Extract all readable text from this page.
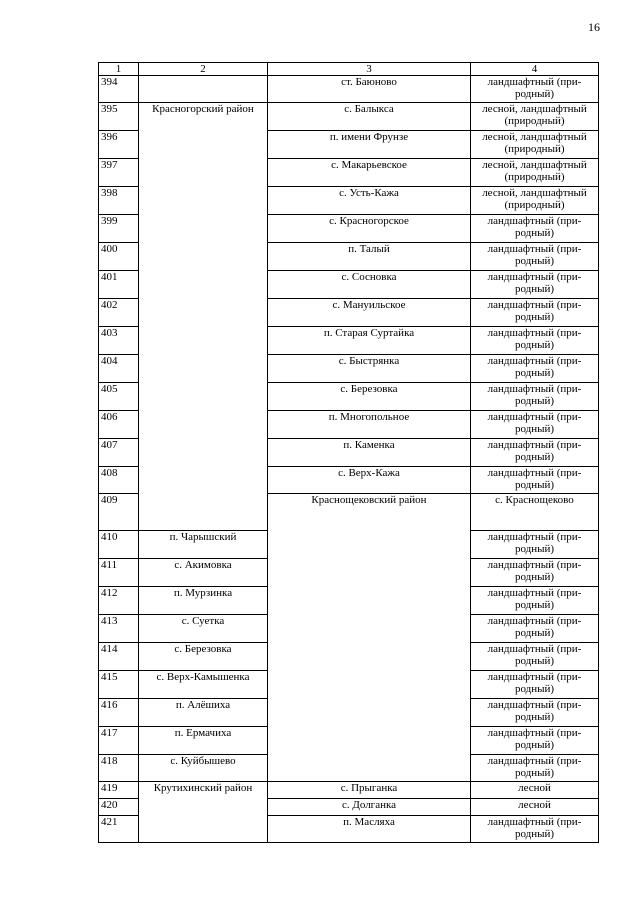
16
1	2	3	4	
394		ст. Баюново	ландшафтный (при-родный)	
395	Красногорский район	с. Балыкса	лесной, ландшафтный (природный)	
396		п. имени Фрунзе	лесной, ландшафтный (природный)	
397		с. Макарьевское	лесной, ландшафтный (природный)	
398		с. Усть-Кажа	лесной, ландшафтный (природный)	
399		с. Красногорское	ландшафтный (при-родный)	
400		п. Талый	ландшафтный (при-родный)	
401		с. Сосновка	ландшафтный (при-родный)	
402		с. Мануильское	ландшафтный (при-родный)	
403		п. Старая Суртайка	ландшафтный (при-родный)	
404		с. Быстрянка	ландшафтный (при-родный)	
405		с. Березовка	ландшафтный (при-родный)	
406		п. Многопольное	ландшафтный (при-родный)	
407		п. Каменка	ландшафтный (при-родный)	
408		с. Верх-Кажа	ландшафтный (при-родный)	
409		Краснощековский район	с. Краснощеково	
410	п. Чарышский		ландшафтный (при-родный)	
411	с. Акимовка		ландшафтный (при-родный)	
412	п. Мурзинка		ландшафтный (при-родный)	
413	с. Суетка		ландшафтный (при-родный)	
414	с. Березовка		ландшафтный (при-родный)	
415	с. Верх-Камышенка		ландшафтный (при-родный)	
416	п. Алёшиха		ландшафтный (при-родный)	
417	п. Ермачиха		ландшафтный (при-родный)	
418	с. Куйбышево		ландшафтный (при-родный)	
419	Крутихинский район	с. Прыганка	лесной	
420		с. Долганка	лесной	
421		п. Масляха	ландшафтный (при-родный)	
